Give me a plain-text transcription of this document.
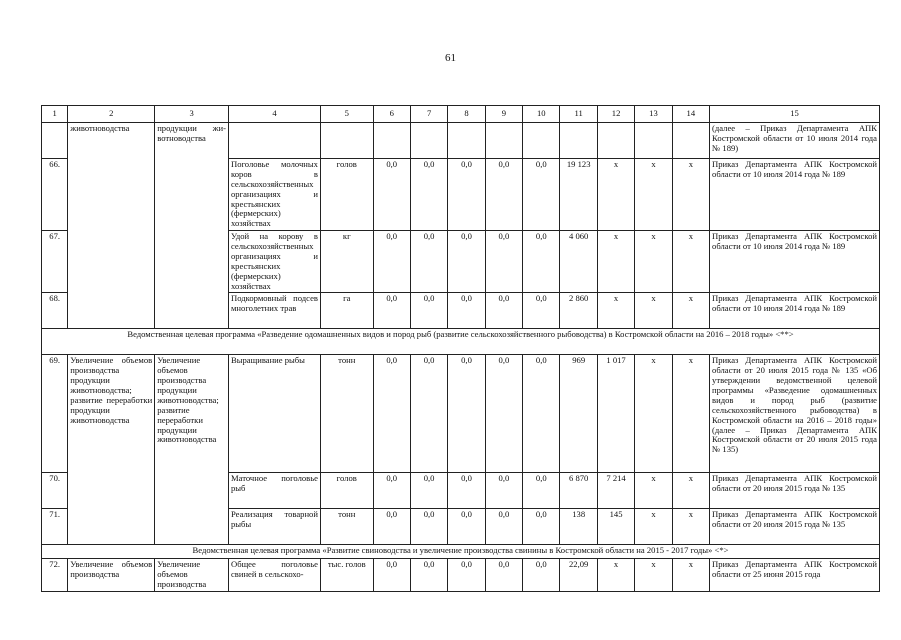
61
1	2	3	4	5	6	7	8	9	10	11	12	13	14	15
	животноводства	продукции жи-вотноводства												(далее – Приказ Департамента АПК Костромской области от 10 июля 2014 года № 189)
66.			Поголовье молочных коров в сельскохозяйственных организациях и крестьянских (фермерских) хозяйствах	голов	0,0	0,0	0,0	0,0	0,0	19 123	х	х	х	Приказ Департамента АПК Костромской области от 10 июля 2014 года № 189
67.			Удой на корову в сельскохозяйственных организациях и крестьянских (фермерских) хозяйствах	кг	0,0	0,0	0,0	0,0	0,0	4 060	х	х	х	Приказ Департамента АПК Костромской области от 10 июля 2014 года № 189
68.			Подкормовный подсев многолетних трав	га	0,0	0,0	0,0	0,0	0,0	2 860	х	х	х	Приказ Департамента АПК Костромской области от 10 июля 2014 года № 189
Ведомственная целевая программа «Разведение одомашненных видов и пород рыб (развитие сельскохозяйственного рыбоводства) в Костромской области на 2016 – 2018 годы» <**>														
69.	Увеличение объемов производства продукции животноводства; развитие переработки продукции животноводства	Увеличение объемов производства продукции животноводства; развитие переработки продукции животноводства	Выращивание рыбы	тонн	0,0	0,0	0,0	0,0	0,0	969	1 017	х	х	Приказ Департамента АПК Костромской области от 20 июля 2015 года № 135 «Об утверждении ведомственной целевой программы «Разведение одомашненных видов и пород рыб (развитие сельскохозяйственного рыбоводства) в Костромской области на 2016 – 2018 годы» (далее – Приказ Департамента АПК Костромской области от 20 июля 2015 года № 135)
70.			Маточное поголовье рыб	голов	0,0	0,0	0,0	0,0	0,0	6 870	7 214	х	х	Приказ Департамента АПК Костромской области от 20 июля 2015 года № 135
71.			Реализация товарной рыбы	тонн	0,0	0,0	0,0	0,0	0,0	138	145	х	х	Приказ Департамента АПК Костромской области от 20 июля 2015 года № 135
Ведомственная целевая программа «Развитие свиноводства и увеличение производства свинины в Костромской области на 2015 - 2017 годы» <*>														
72.	Увеличение объемов производства	Увеличение объемов производства	Общее поголовье свиней в сельскохо-	тыс. голов	0,0	0,0	0,0	0,0	0,0	22,09	х	х	х	Приказ Департамента АПК Костромской области от 25 июня 2015 года
